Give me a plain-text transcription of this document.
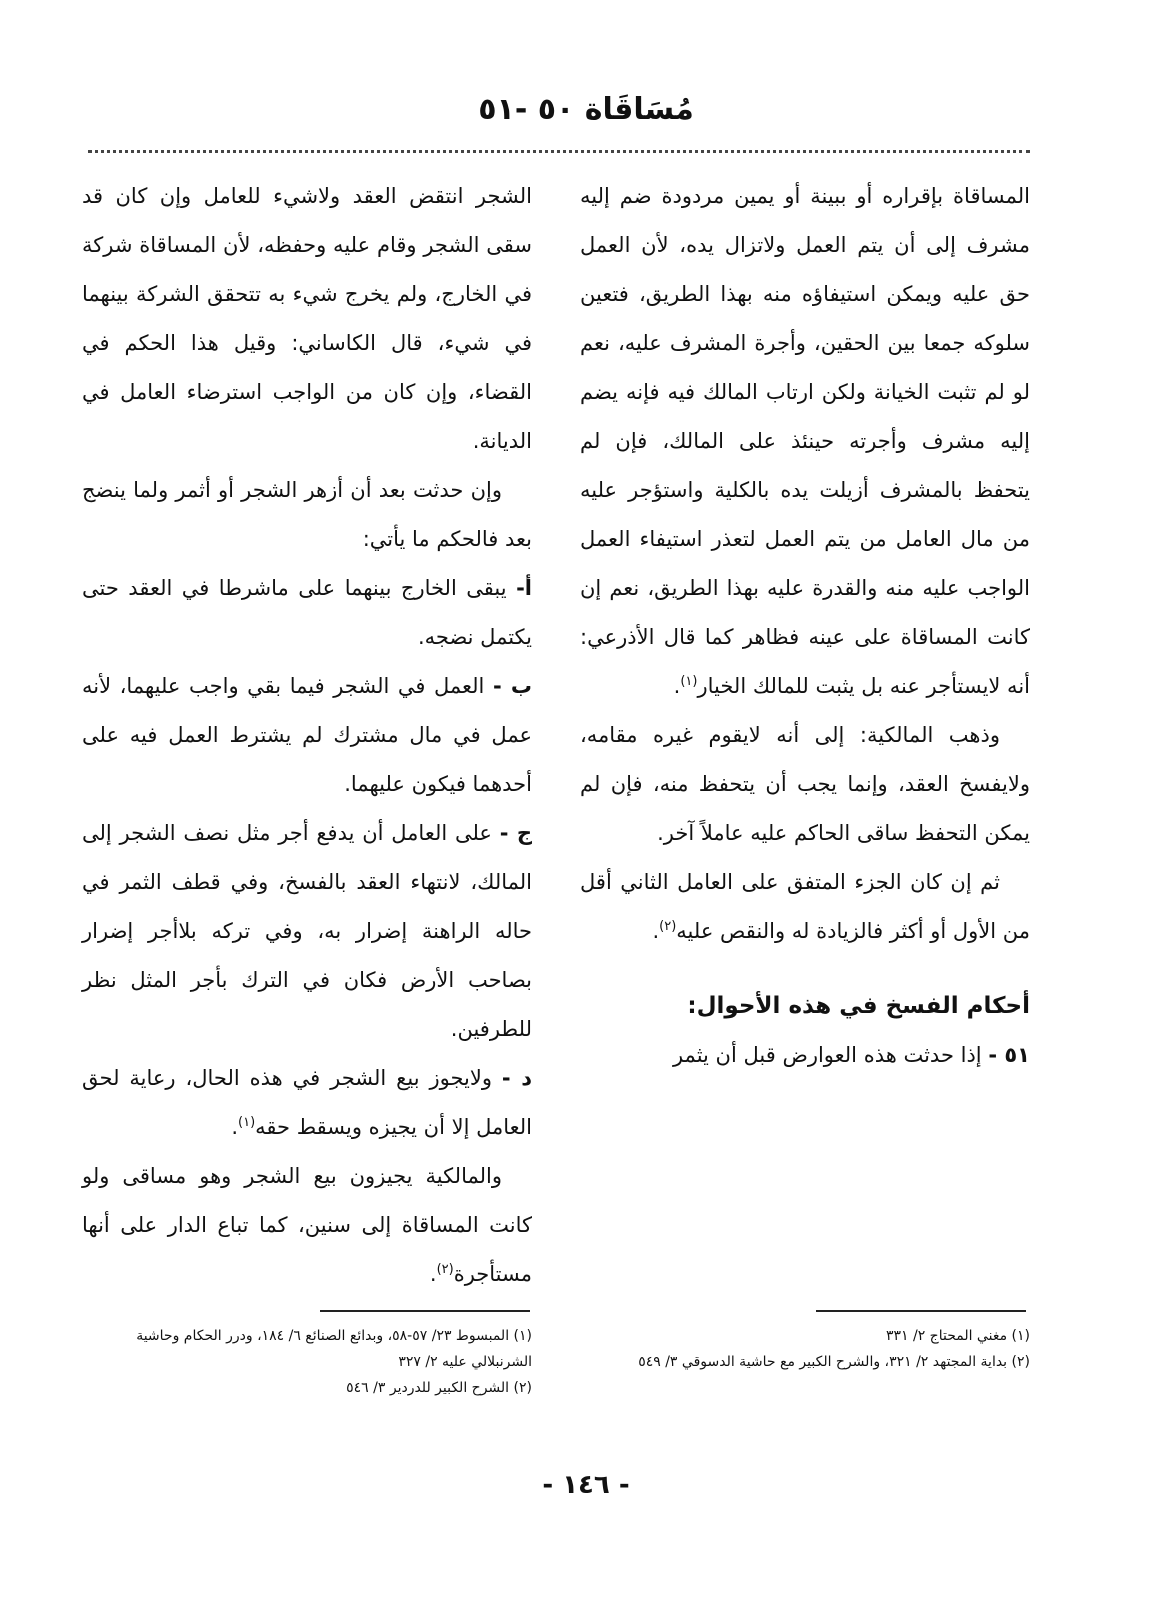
مُسَاقَاة ٥٠ -٥١

المساقاة بإقراره أو ببينة أو يمين مردودة ضم إليه مشرف إلى أن يتم العمل ولاتزال يده، لأن العمل حق عليه ويمكن استيفاؤه منه بهذا الطريق، فتعين سلوكه جمعا بين الحقين، وأجرة المشرف عليه، نعم لو لم تثبت الخيانة ولكن ارتاب المالك فيه فإنه يضم إليه مشرف وأجرته حينئذ على المالك، فإن لم يتحفظ بالمشرف أزيلت يده بالكلية واستؤجر عليه من مال العامل من يتم العمل لتعذر استيفاء العمل الواجب عليه منه والقدرة عليه بهذا الطريق، نعم إن كانت المساقاة على عينه فظاهر كما قال الأذرعي: أنه لايستأجر عنه بل يثبت للمالك الخيار$^{(١)}$.

وذهب المالكية: إلى أنه لايقوم غيره مقامه، ولايفسخ العقد، وإنما يجب أن يتحفظ منه، فإن لم يمكن التحفظ ساقى الحاكم عليه عاملاً آخر.

ثم إن كان الجزء المتفق على العامل الثاني أقل من الأول أو أكثر فالزيادة له والنقص عليه$^{(٢)}$.

أحكام الفسخ في هذه الأحوال:

٥١ - إذا حدثت هذه العوارض قبل أن يثمر

الشجر انتقض العقد ولاشيء للعامل وإن كان قد سقى الشجر وقام عليه وحفظه، لأن المساقاة شركة في الخارج، ولم يخرج شيء به تتحقق الشركة بينهما في شيء، قال الكاساني: وقيل هذا الحكم في القضاء، وإن كان من الواجب استرضاء العامل في الديانة.

وإن حدثت بعد أن أزهر الشجر أو أثمر ولما ينضج بعد فالحكم ما يأتي:

أ- يبقى الخارج بينهما على ماشرطا في العقد حتى يكتمل نضجه.

ب - العمل في الشجر فيما بقي واجب عليهما، لأنه عمل في مال مشترك لم يشترط العمل فيه على أحدهما فيكون عليهما.

ج - على العامل أن يدفع أجر مثل نصف الشجر إلى المالك، لانتهاء العقد بالفسخ، وفي قطف الثمر في حاله الراهنة إضرار به، وفي تركه بلاأجر إضرار بصاحب الأرض فكان في الترك بأجر المثل نظر للطرفين.

د - ولايجوز بيع الشجر في هذه الحال، رعاية لحق العامل إلا أن يجيزه ويسقط حقه$^{(١)}$.

والمالكية يجيزون بيع الشجر وهو مساقى ولو كانت المساقاة إلى سنين، كما تباع الدار على أنها مستأجرة$^{(٢)}$.

(١) مغني المحتاج ٢/ ٣٣١

(٢) بداية المجتهد ٢/ ٣٢١، والشرح الكبير مع حاشية الدسوقي ٣/ ٥٤٩

(١) المبسوط ٢٣/ ٥٧-٥٨، وبدائع الصنائع ٦/ ١٨٤، ودرر الحكام وحاشية الشرنبلالي عليه ٢/ ٣٢٧

(٢) الشرح الكبير للدردير ٣/ ٥٤٦

- ١٤٦ -
